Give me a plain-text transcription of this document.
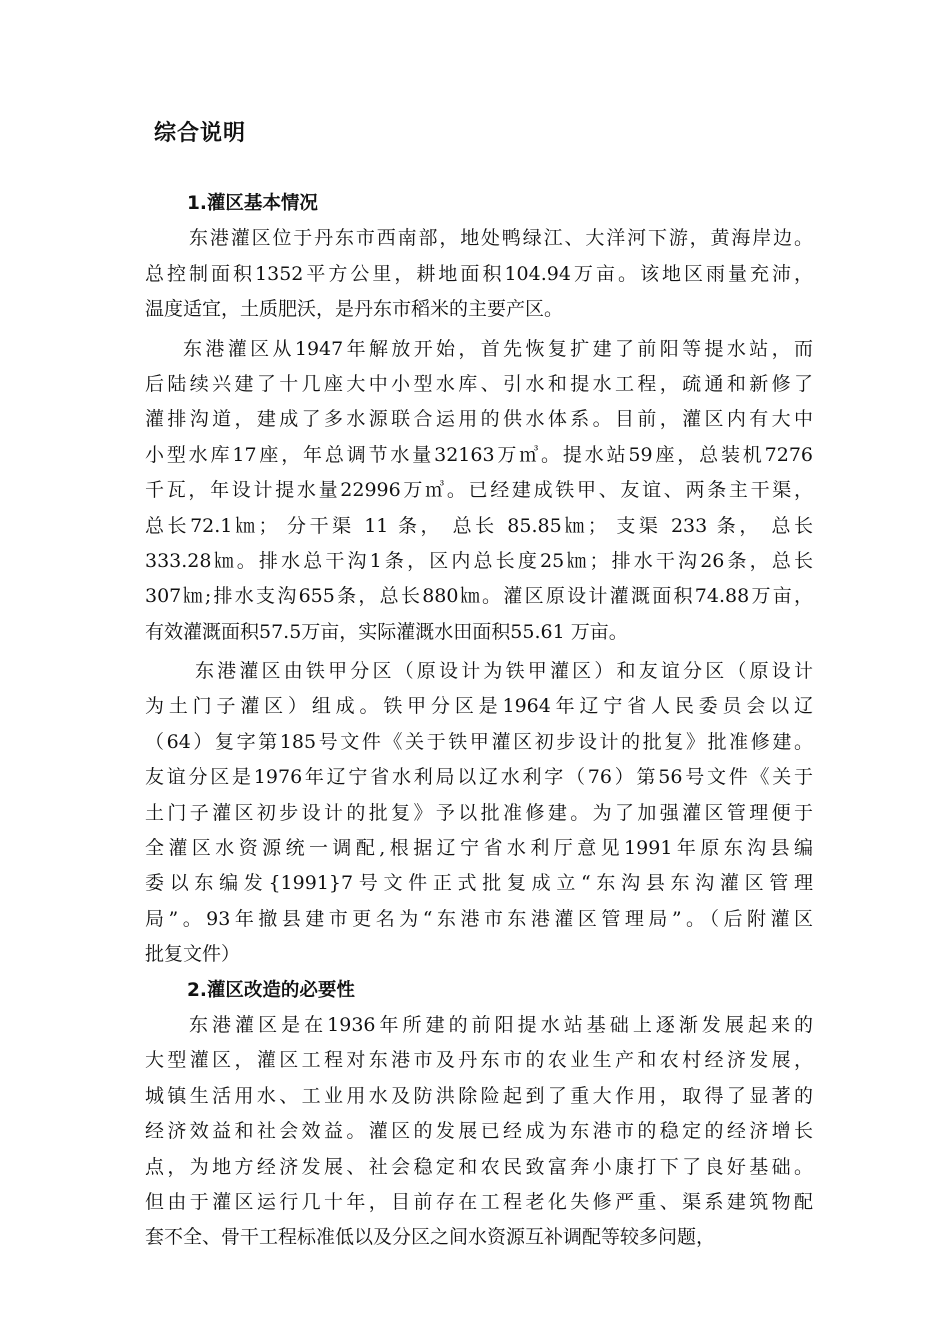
综合说明
1.灌区基本情况
东港灌区位于丹东市西南部，地处鸭绿江、大洋河下游，黄海岸边。
总控制面积1352平方公里，耕地面积104.94万亩。该地区雨量充沛，
温度适宜，土质肥沃，是丹东市稻米的主要产区。
东港灌区从1947年解放开始，首先恢复扩建了前阳等提水站，而
后陆续兴建了十几座大中小型水库、引水和提水工程，疏通和新修了
灌排沟道，建成了多水源联合运用的供水体系。目前，灌区内有大中
小型水库17座，年总调节水量32163万㎥。提水站59座，总装机7276
千瓦，年设计提水量22996万㎥。已经建成铁甲、友谊、两条主干渠，
总长72.1㎞； 分干渠 11 条， 总长 85.85㎞； 支渠 233 条， 总长
333.28㎞。排水总干沟1条，区内总长度25㎞；排水干沟26条，总长
307㎞;排水支沟655条，总长880㎞。灌区原设计灌溉面积74.88万亩，
有效灌溉面积57.5万亩，实际灌溉水田面积55.61 万亩。
东港灌区由铁甲分区（原设计为铁甲灌区）和友谊分区（原设计
为土门子灌区）组成。铁甲分区是1964年辽宁省人民委员会以辽
（64）复字第185号文件《关于铁甲灌区初步设计的批复》批准修建。
友谊分区是1976年辽宁省水利局以辽水利字（76）第56号文件《关于
土门子灌区初步设计的批复》予以批准修建。为了加强灌区管理便于
全灌区水资源统一调配,根据辽宁省水利厅意见1991年原东沟县编
委以东编发{1991}7号文件正式批复成立“东沟县东沟灌区管理
局”。93年撤县建市更名为“东港市东港灌区管理局”。（后附灌区
批复文件）
2.灌区改造的必要性
东港灌区是在1936年所建的前阳提水站基础上逐渐发展起来的
大型灌区，灌区工程对东港市及丹东市的农业生产和农村经济发展，
城镇生活用水、工业用水及防洪除险起到了重大作用，取得了显著的
经济效益和社会效益。灌区的发展已经成为东港市的稳定的经济增长
点，为地方经济发展、社会稳定和农民致富奔小康打下了良好基础。
但由于灌区运行几十年，目前存在工程老化失修严重、渠系建筑物配
套不全、骨干工程标准低以及分区之间水资源互补调配等较多问题，
